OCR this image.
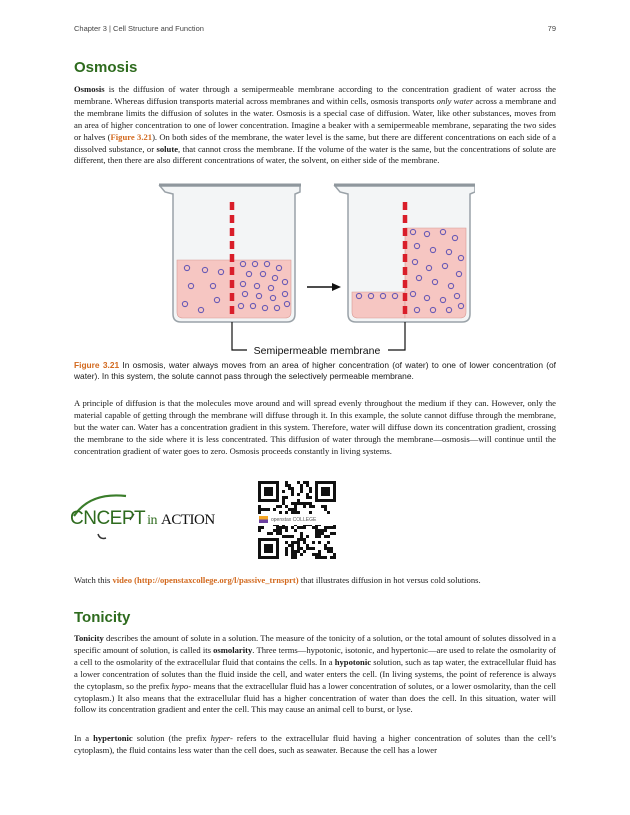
Chapter 3 | Cell Structure and Function	79
Osmosis

Osmosis is the diffusion of water through a semipermeable membrane according to the concentration gradient of water across the membrane. Whereas diffusion transports material across membranes and within cells, osmosis transports only water across a membrane and the membrane limits the diffusion of solutes in the water. Osmosis is a special case of diffusion. Water, like other substances, moves from an area of higher concentration to one of lower concentration. Imagine a beaker with a semipermeable membrane, separating the two sides or halves (Figure 3.21). On both sides of the membrane, the water level is the same, but there are different concentrations on each side of a dissolved substance, or solute, that cannot cross the membrane. If the volume of the water is the same, but the concentrations of solute are different, then there are also different concentrations of water, the solvent, on either side of the membrane.

Semipermeable membrane

Figure 3.21 In osmosis, water always moves from an area of higher concentration (of water) to one of lower concentration (of water). In this system, the solute cannot pass through the selectively permeable membrane.

A principle of diffusion is that the molecules move around and will spread evenly throughout the medium if they can. However, only the material capable of getting through the membrane will diffuse through it. In this example, the solute cannot diffuse through the membrane, but the water can. Water has a concentration gradient in this system. Therefore, water will diffuse down its concentration gradient, crossing the membrane to the side where it is less concentrated. This diffusion of water through the membrane—osmosis—will continue until the concentration gradient of water goes to zero. Osmosis proceeds constantly in living systems.

CNCEPT in ACTION	openstax COLLEGE

Watch this video (http://openstaxcollege.org/l/passive_trnsprt) that illustrates diffusion in hot versus cold solutions.

Tonicity

Tonicity describes the amount of solute in a solution. The measure of the tonicity of a solution, or the total amount of solutes dissolved in a specific amount of solution, is called its osmolarity. Three terms—hypotonic, isotonic, and hypertonic—are used to relate the osmolarity of a cell to the osmolarity of the extracellular fluid that contains the cells. In a hypotonic solution, such as tap water, the extracellular fluid has a lower concentration of solutes than the fluid inside the cell, and water enters the cell. (In living systems, the point of reference is always the cytoplasm, so the prefix hypo- means that the extracellular fluid has a lower concentration of solutes, or a lower osmolarity, than the cell cytoplasm.) It also means that the extracellular fluid has a higher concentration of water than does the cell. In this situation, water will follow its concentration gradient and enter the cell. This may cause an animal cell to burst, or lyse.

In a hypertonic solution (the prefix hyper- refers to the extracellular fluid having a higher concentration of solutes than the cell’s cytoplasm), the fluid contains less water than the cell does, such as seawater. Because the cell has a lower
